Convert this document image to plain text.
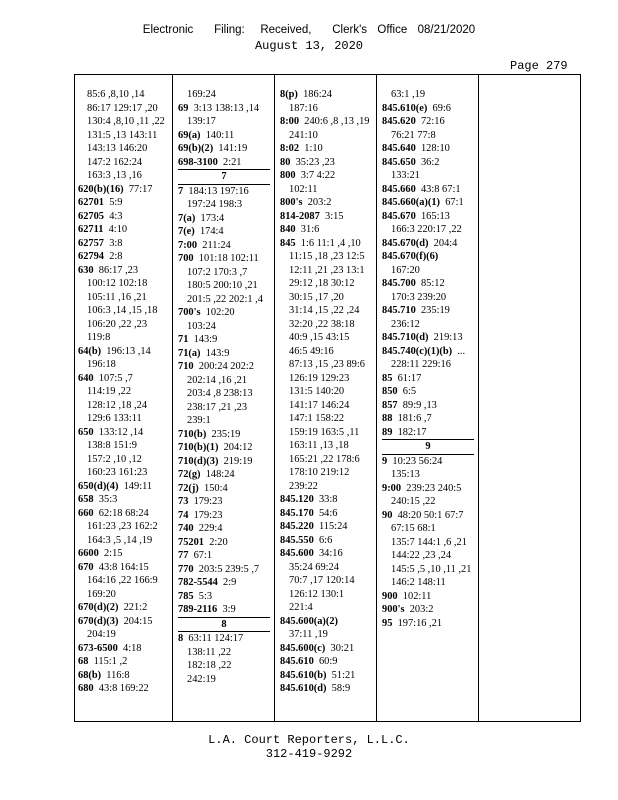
Electronic    Filing:   Received,    Clerk's  Office  08/21/2020
August 13, 2020
Page 279
85:6 ,8,10 ,14
86:17 129:17 ,20
130:4 ,8,10 ,11 ,22
131:5 ,13 143:11
143:13 146:20
147:2 162:24
163:3 ,13 ,16
620(b)(16) 77:17
62701 5:9
62705 4:3
62711 4:10
62757 3:8
62794 2:8
630 86:17 ,23
100:12 102:18
105:11 ,16 ,21
106:3 ,14 ,15 ,18
106:20 ,22 ,23
119:8
64(b) 196:13 ,14
196:18
640 107:5 ,7
114:19 ,22
128:12 ,18 ,24
129:6 133:11
650 133:12 ,14
138:8 151:9
157:2 ,10 ,12
160:23 161:23
650(d)(4) 149:11
658 35:3
660 62:18 68:24
161:23 ,23 162:2
164:3 ,5 ,14 ,19
6600 2:15
670 43:8 164:15
164:16 ,22 166:9
169:20
670(d)(2) 221:2
670(d)(3) 204:15
204:19
673-6500 4:18
68 115:1 ,2
68(b) 116:8
680 43:8 169:22
169:24
69 3:13 138:13 ,14
139:17
69(a) 140:11
69(b)(2) 141:19
698-3100 2:21
7
7 184:13 197:16
197:24 198:3
7(a) 173:4
7(e) 174:4
7:00 211:24
700 101:18 102:11
107:2 170:3 ,7
180:5 200:10 ,21
201:5 ,22 202:1 ,4
700's 102:20
103:24
71 143:9
71(a) 143:9
710 200:24 202:2
202:14 ,16 ,21
203:4 ,8 238:13
238:17 ,21 ,23
239:1
710(b) 235:19
710(b)(1) 204:12
710(d)(3) 219:19
72(g) 148:24
72(j) 150:4
73 179:23
74 179:23
740 229:4
75201 2:20
77 67:1
770 203:5 239:5 ,7
782-5544 2:9
785 5:3
789-2116 3:9
8
8 63:11 124:17
138:11 ,22
182:18 ,22
242:19
8(p) 186:24
187:16
8:00 240:6 ,8 ,13 ,19
241:10
8:02 1:10
80 35:23 ,23
800 3:7 4:22
102:11
800's 203:2
814-2087 3:15
840 31:6
845 1:6 11:1 ,4 ,10
11:15 ,18 ,23 12:5
12:11 ,21 ,23 13:1
29:12 ,18 30:12
30:15 ,17 ,20
31:14 ,15 ,22 ,24
32:20 ,22 38:18
40:9 ,15 43:15
46:5 49:16
87:13 ,15 ,23 89:6
126:19 129:23
131:5 140:20
141:17 146:24
147:1 158:22
159:19 163:5 ,11
163:11 ,13 ,18
165:21 ,22 178:6
178:10 219:12
239:22
845.120 33:8
845.170 54:6
845.220 115:24
845.550 6:6
845.600 34:16
35:24 69:24
70:7 ,17 120:14
126:12 130:1
221:4
845.600(a)(2)
37:11 ,19
845.600(c) 30:21
845.610 60:9
845.610(b) 51:21
845.610(d) 58:9
63:1 ,19
845.610(e) 69:6
845.620 72:16
76:21 77:8
845.640 128:10
845.650 36:2
133:21
845.660 43:8 67:1
845.660(a)(1) 67:1
845.670 165:13
166:3 220:17 ,22
845.670(d) 204:4
845.670(f)(6)
167:20
845.700 85:12
170:3 239:20
845.710 235:19
236:12
845.710(d) 219:13
845.740(c)(1)(b) ...
228:11 229:16
85 61:17
850 6:5
857 89:9 ,13
88 181:6 ,7
89 182:17
9
9 10:23 56:24
135:13
9:00 239:23 240:5
240:15 ,22
90 48:20 50:1 67:7
67:15 68:1
135:7 144:1 ,6 ,21
144:22 ,23 ,24
145:5 ,5 ,10 ,11 ,21
146:2 148:11
900 102:11
900's 203:2
95 197:16 ,21
L.A. Court Reporters, L.L.C.
312-419-9292
